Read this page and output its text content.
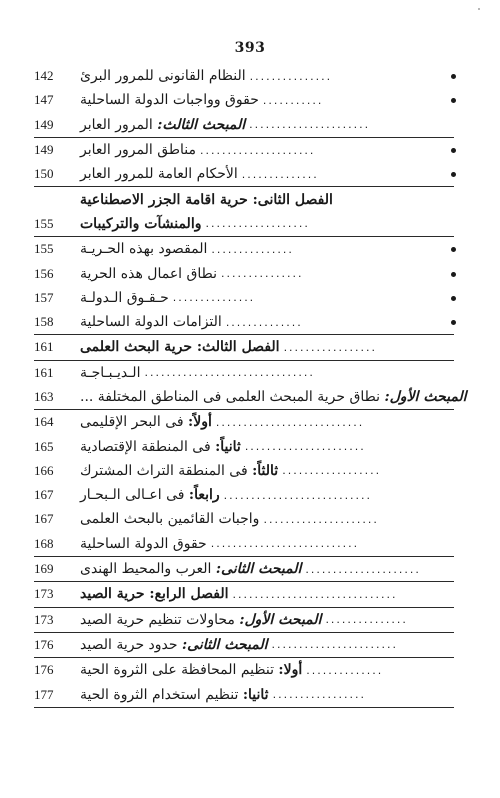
393
142	النظام القانونى للمرور البرئ ...............
147	حقوق وواجبات الدولة الساحلية ...........
149	المبحث الثالث: المرور العابر	......................
149	مناطق المرور العابر .....................
150	الأحكام العامة للمرور العابر ..............
الفصل الثانى: حرية اقامة الجزر الاصطناعية
155	والمنشآت والتركيبات ...................
155	المقصود بهذه الحـريـة ...............
156	نطاق اعمال هذه الحرية ...............
157	حـقـوق الـدولـة ...............
158	التزامات الدولة الساحلية ..............
161	الفصل الثالث: حرية البحث العلمى .................
161	الـديـبـاجـة ...............................
163	المبحث الأول: نطاق حرية المبحث العلمى فى المناطق المختلفة ...
164	أولاً: فى البحر الإقليمى	...........................
165	ثانياً: فى المنطقة الإقتصادية	......................
166	ثالثاً: فى المنطقة التراث المشترك	..................
167	رابعاً: فى اعـالى الـبحـار	...........................
167	واجبات القائمين بالبحث العلمى .....................
168	حقوق الدولة الساحلية ...........................
169	المبحث الثانى: العرب والمحيط الهندى	.....................
173	الفصل الرابع: حرية الصيد ..............................
173	المبحث الأول: محاولات تنظيم حرية الصيد	...............
176	المبحث الثانى: حدود حرية الصيد	.......................
176	أولا: تنظيم المحافظة على الثروة الحية	..............
177	ثانيا: تنظيم استخدام الثروة الحية	.................
